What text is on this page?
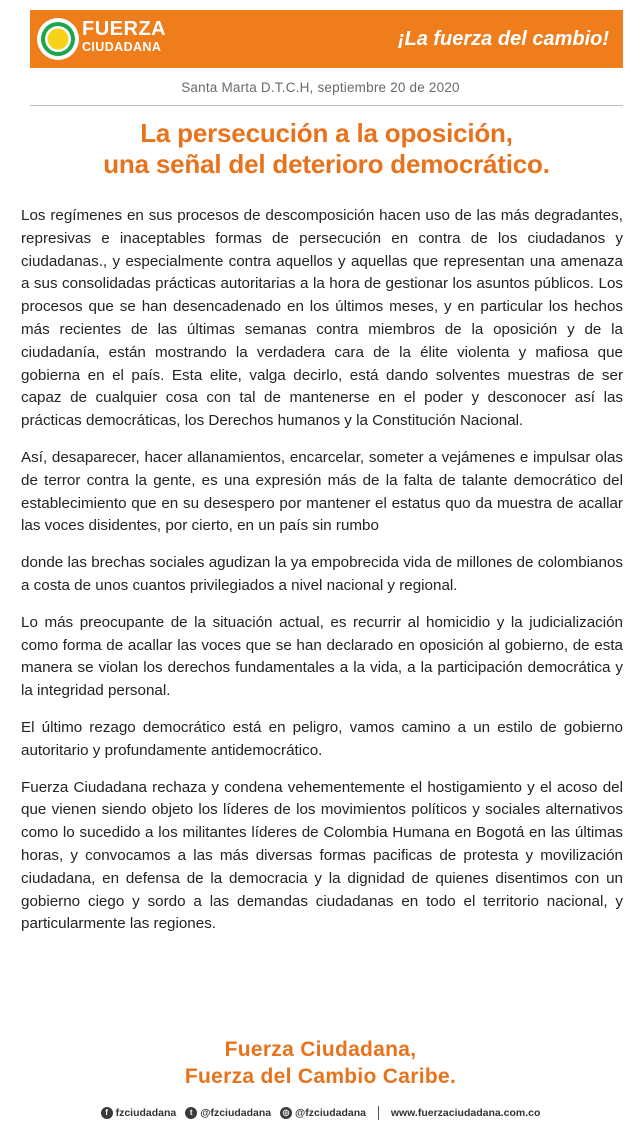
FUERZA
CIUDADANA	¡La fuerza del cambio!
Santa Marta D.T.C.H, septiembre 20 de 2020
La persecución a la oposición,
una señal del deterioro democrático.

Los regímenes en sus procesos de descomposición hacen uso de las más degradantes, represivas e inaceptables formas de persecución en contra de los ciudadanos y ciudadanas., y especialmente contra aquellos y aquellas que representan una amenaza a sus consolidadas prácticas autoritarias a la hora de gestionar los asuntos públicos. Los procesos que se han desencadenado en los últimos meses, y en particular los hechos más recientes de las últimas semanas contra miembros de la oposición y de la ciudadanía, están mostrando la verdadera cara de la élite violenta y mafiosa que gobierna en el país. Esta elite, valga decirlo, está dando solventes muestras de ser capaz de cualquier cosa con tal de mantenerse en el poder y desconocer así las prácticas democráticas, los Derechos humanos y la Constitución Nacional.

Así, desaparecer, hacer allanamientos, encarcelar, someter a vejámenes e impulsar olas de terror contra la gente, es una expresión más de la falta de talante democrático del establecimiento que en su desespero por mantener el estatus quo da muestra de acallar las voces disidentes, por cierto, en un país sin rumbo

donde las brechas sociales agudizan la ya empobrecida vida de millones de colombianos a costa de unos cuantos privilegiados a nivel nacional y regional.

Lo más preocupante de la situación actual, es recurrir al homicidio y la judicialización como forma de acallar las voces que se han declarado en oposición al gobierno, de esta manera se violan los derechos fundamentales a la vida, a la participación democrática y la integridad personal.

El último rezago democrático está en peligro, vamos camino a un estilo de gobierno autoritario y profundamente antidemocrático.

Fuerza Ciudadana rechaza y condena vehementemente el hostigamiento y el acoso del que vienen siendo objeto los líderes de los movimientos políticos y sociales alternativos como lo sucedido a los militantes líderes de Colombia Humana en Bogotá en las últimas horas, y convocamos a las más diversas formas pacificas de protesta y movilización ciudadana, en defensa de la democracia y la dignidad de quienes disentimos con un gobierno ciego y sordo a las demandas ciudadanas en todo el territorio nacional, y particularmente las regiones.

Fuerza Ciudadana,
Fuerza del Cambio Caribe.
f fzciudadana t @fzciudadana ◎ @fzciudadana www.fuerzaciudadana.com.co
